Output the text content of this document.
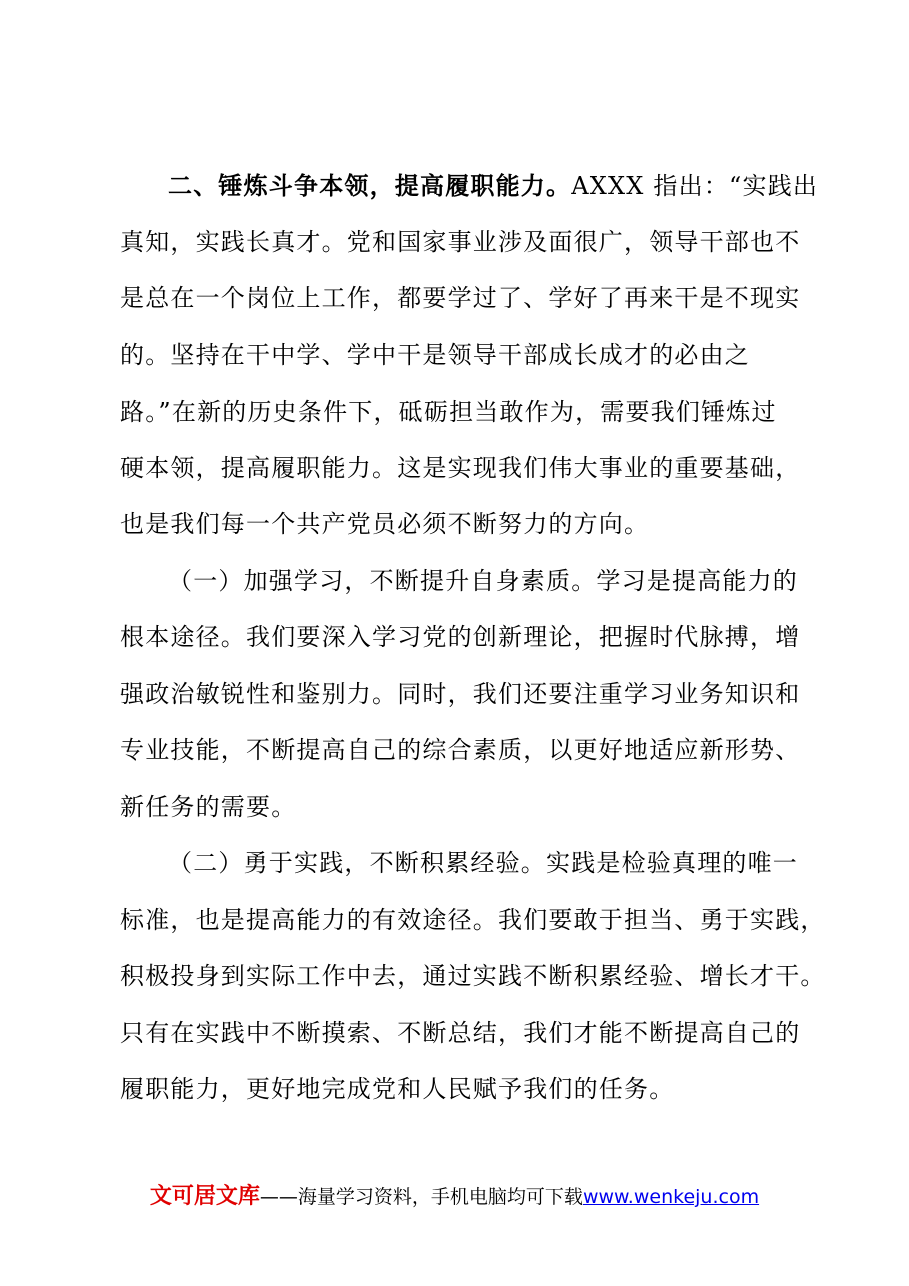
二、锤炼斗争本领，提高履职能力。AXXX 指出：“实践出
真知，实践长真才。党和国家事业涉及面很广，领导干部也不
是总在一个岗位上工作，都要学过了、学好了再来干是不现实
的。坚持在干中学、学中干是领导干部成长成才的必由之
路。”在新的历史条件下，砥砺担当敢作为，需要我们锤炼过
硬本领，提高履职能力。这是实现我们伟大事业的重要基础，
也是我们每一个共产党员必须不断努力的方向。
（一）加强学习，不断提升自身素质。学习是提高能力的
根本途径。我们要深入学习党的创新理论，把握时代脉搏，增
强政治敏锐性和鉴别力。同时，我们还要注重学习业务知识和
专业技能，不断提高自己的综合素质，以更好地适应新形势、
新任务的需要。
（二）勇于实践，不断积累经验。实践是检验真理的唯一
标准，也是提高能力的有效途径。我们要敢于担当、勇于实践，
积极投身到实际工作中去，通过实践不断积累经验、增长才干。
只有在实践中不断摸索、不断总结，我们才能不断提高自己的
履职能力，更好地完成党和人民赋予我们的任务。
文可居文库——海量学习资料，手机电脑均可下载www.wenkeju.com
